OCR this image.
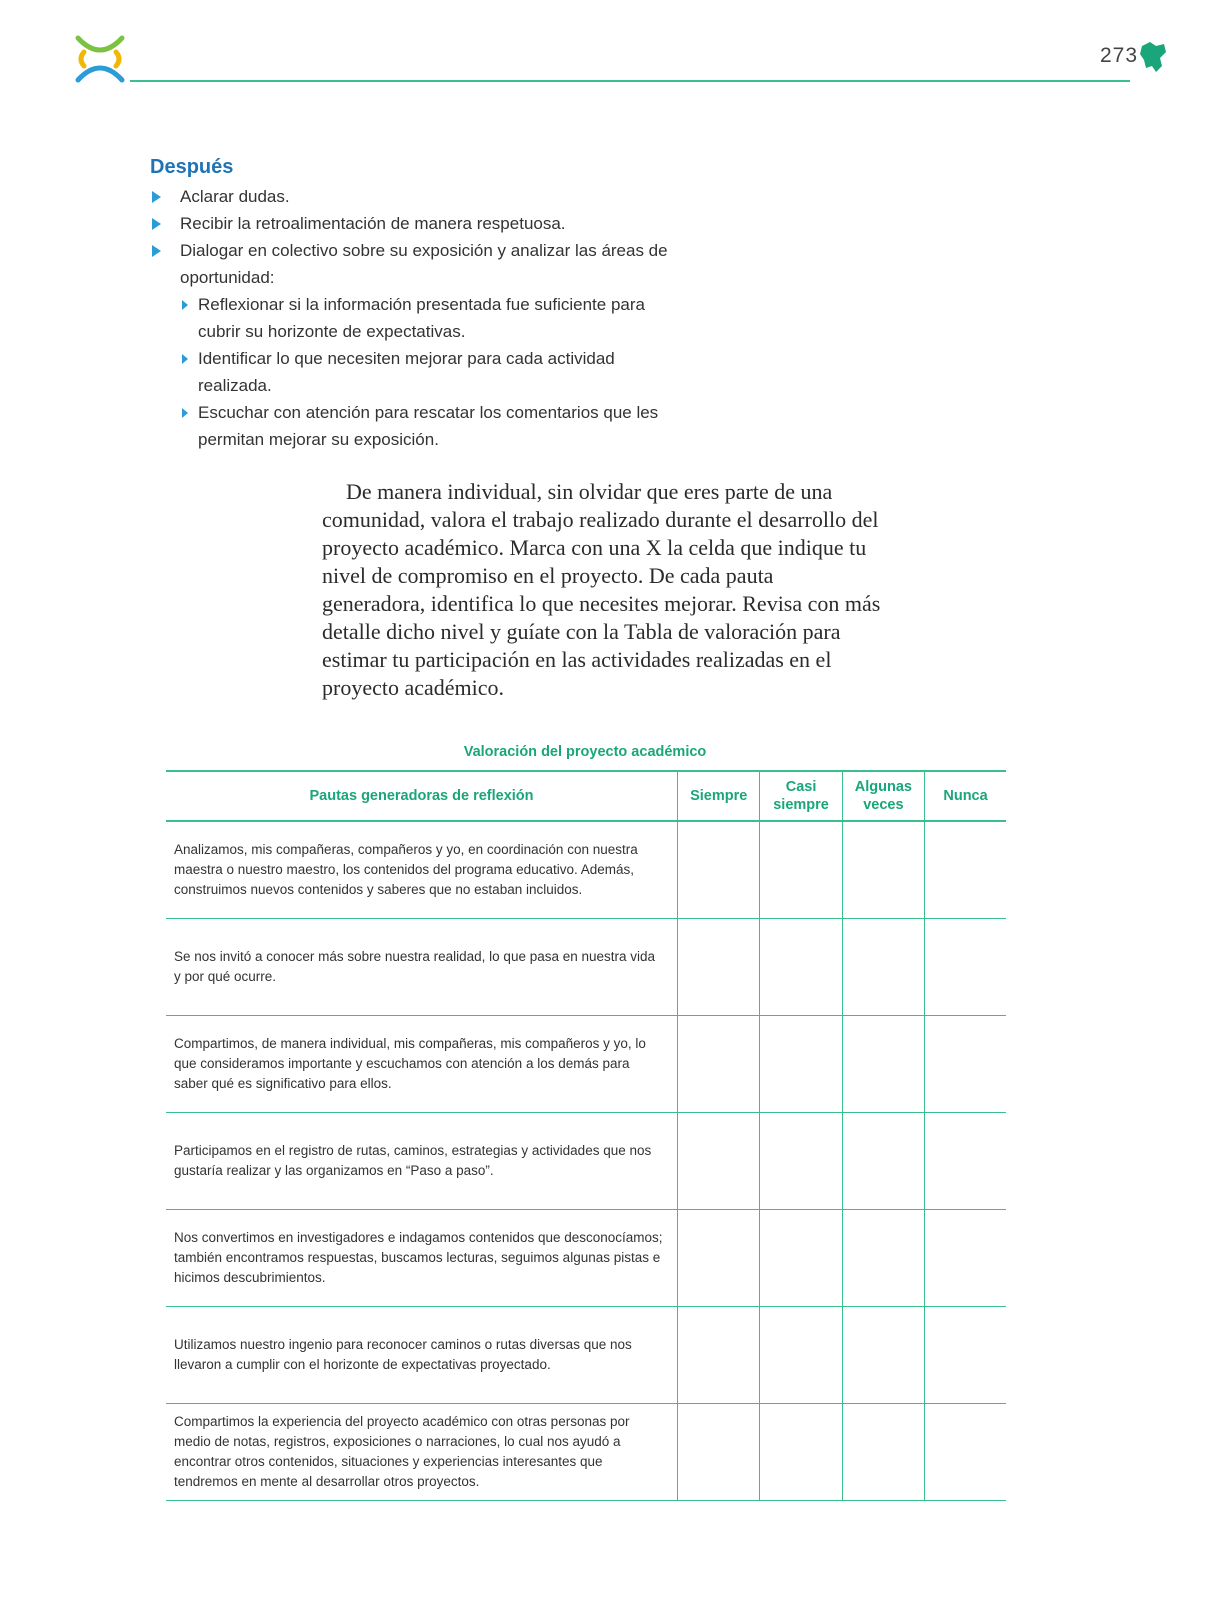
273
Después
Aclarar dudas.
Recibir la retroalimentación de manera respetuosa.
Dialogar en colectivo sobre su exposición y analizar las áreas de oportunidad:
Reflexionar si la información presentada fue suficiente para cubrir su horizonte de expectativas.
Identificar lo que necesiten mejorar para cada actividad realizada.
Escuchar con atención para rescatar los comentarios que les permitan mejorar su exposición.

De manera individual, sin olvidar que eres parte de una comunidad, valora el trabajo realizado durante el desarrollo del proyecto académico. Marca con una X la celda que indique tu nivel de compromiso en el proyecto. De cada pauta generadora, identifica lo que necesites mejorar. Revisa con más detalle dicho nivel y guíate con la Tabla de valoración para estimar tu participación en las actividades realizadas en el proyecto académico.

Valoración del proyecto académico
Pautas generadoras de reflexión	Siempre	Casi siempre	Algunas veces	Nunca
Analizamos, mis compañeras, compañeros y yo, en coordinación con nuestra maestra o nuestro maestro, los contenidos del programa educativo. Además, construimos nuevos contenidos y saberes que no estaban incluidos.				
Se nos invitó a conocer más sobre nuestra realidad, lo que pasa en nuestra vida y por qué ocurre.				
Compartimos, de manera individual, mis compañeras, mis compañeros y yo, lo que consideramos importante y escuchamos con atención a los demás para saber qué es significativo para ellos.				
Participamos en el registro de rutas, caminos, estrategias y actividades que nos gustaría realizar y las organizamos en “Paso a paso”.				
Nos convertimos en investigadores e indagamos contenidos que desconocíamos; también encontramos respuestas, buscamos lecturas, seguimos algunas pistas e hicimos descubrimientos.				
Utilizamos nuestro ingenio para reconocer caminos o rutas diversas que nos llevaron a cumplir con el horizonte de expectativas proyectado.				
Compartimos la experiencia del proyecto académico con otras personas por medio de notas, registros, exposiciones o narraciones, lo cual nos ayudó a encontrar otros contenidos, situaciones y experiencias interesantes que tendremos en mente al desarrollar otros proyectos.				
